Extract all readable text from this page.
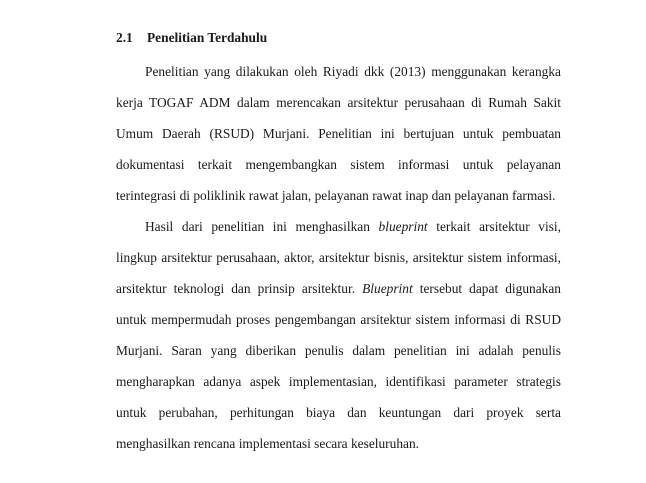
2.1 Penelitian Terdahulu

Penelitian yang dilakukan oleh Riyadi dkk (2013) menggunakan kerangka

kerja TOGAF ADM dalam merencakan arsitektur perusahaan di Rumah Sakit

Umum Daerah (RSUD) Murjani. Penelitian ini bertujuan untuk pembuatan

dokumentasi terkait mengembangkan sistem informasi untuk pelayanan

terintegrasi di poliklinik rawat jalan, pelayanan rawat inap dan pelayanan farmasi.

Hasil dari penelitian ini menghasilkan blueprint terkait arsitektur visi,

lingkup arsitektur perusahaan, aktor, arsitektur bisnis, arsitektur sistem informasi,

arsitektur teknologi dan prinsip arsitektur. Blueprint tersebut dapat digunakan

untuk mempermudah proses pengembangan arsitektur sistem informasi di RSUD

Murjani. Saran yang diberikan penulis dalam penelitian ini adalah penulis

mengharapkan adanya aspek implementasian, identifikasi parameter strategis

untuk perubahan, perhitungan biaya dan keuntungan dari proyek serta

menghasilkan rencana implementasi secara keseluruhan.
